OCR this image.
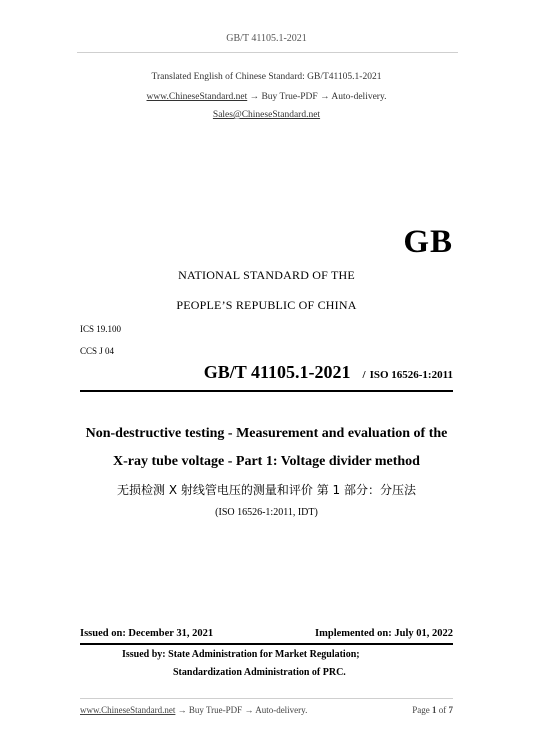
GB/T 41105.1-2021
Translated English of Chinese Standard: GB/T41105.1-2021
www.ChineseStandard.net → Buy True-PDF → Auto-delivery.
Sales@ChineseStandard.net
GB
NATIONAL STANDARD OF THE
PEOPLE’S REPUBLIC OF CHINA
ICS 19.100
CCS J 04
GB/T 41105.1-2021 / ISO 16526-1:2011
Non-destructive testing - Measurement and evaluation of the
X-ray tube voltage - Part 1: Voltage divider method
无损检测 X 射线管电压的测量和评价 第 1 部分：分压法
(ISO 16526-1:2011, IDT)
Issued on: December 31, 2021	Implemented on: July 01, 2022
Issued by: State Administration for Market Regulation;
Standardization Administration of PRC.
www.ChineseStandard.net → Buy True-PDF → Auto-delivery.	Page 1 of 7
